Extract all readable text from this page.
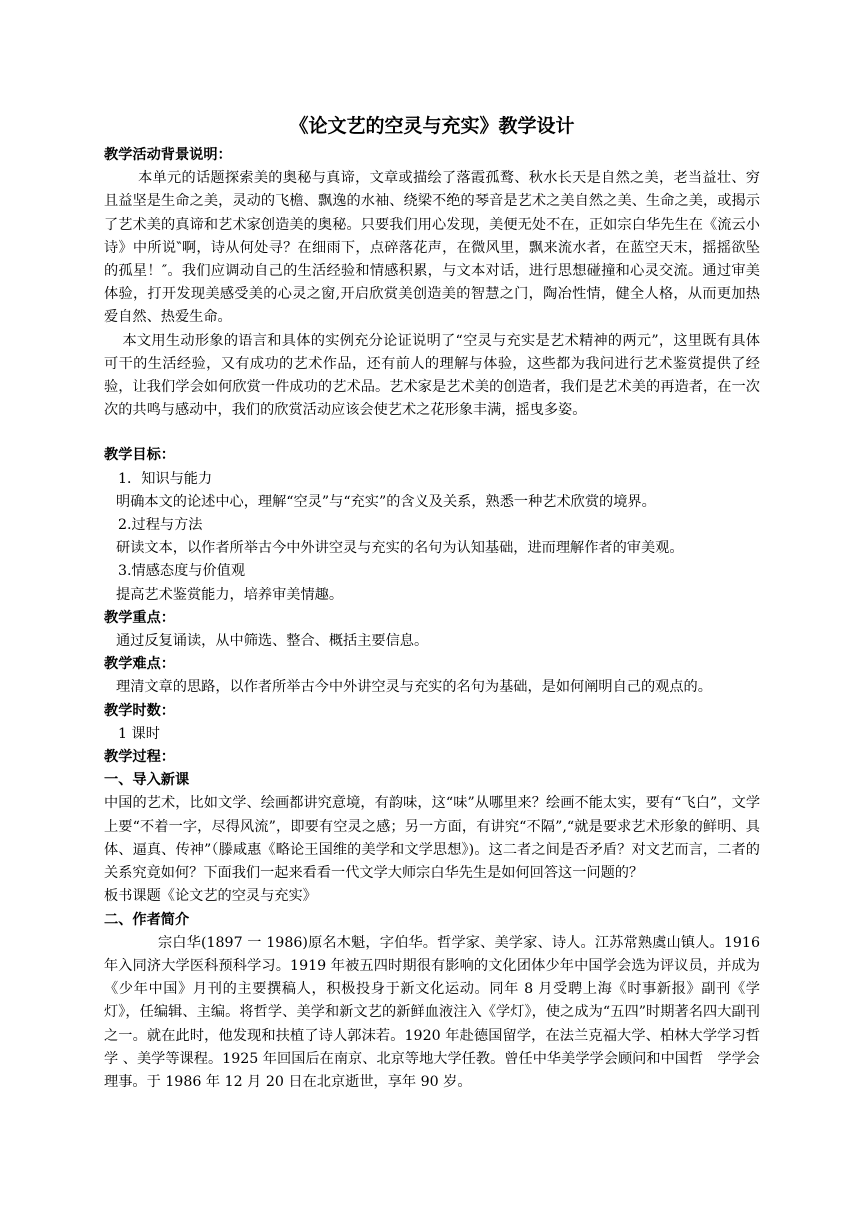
《论文艺的空灵与充实》教学设计

教学活动背景说明：

本单元的话题探索美的奥秘与真谛，文章或描绘了落霞孤鹜、秋水长天是自然之美，老当益壮、穷且益坚是生命之美，灵动的飞檐、飘逸的水袖、绕梁不绝的琴音是艺术之美自然之美、生命之美，或揭示了艺术美的真谛和艺术家创造美的奥秘。只要我们用心发现，美便无处不在，正如宗白华先生在《流云小诗》中所说‶啊，诗从何处寻？在细雨下，点碎落花声，在微风里，飘来流水者，在蓝空天末，摇摇欲坠的孤星！″。我们应调动自己的生活经验和情感积累，与文本对话，进行思想碰撞和心灵交流。通过审美体验，打开发现美感受美的心灵之窗,开启欣赏美创造美的智慧之门，陶冶性情，健全人格，从而更加热爱自然、热爱生命。

本文用生动形象的语言和具体的实例充分论证说明了“空灵与充实是艺术精神的两元”，这里既有具体可干的生活经验，又有成功的艺术作品，还有前人的理解与体验，这些都为我问进行艺术鉴赏提供了经验，让我们学会如何欣赏一件成功的艺术品。艺术家是艺术美的创造者，我们是艺术美的再造者，在一次次的共鸣与感动中，我们的欣赏活动应该会使艺术之花形象丰满，摇曳多姿。

教学目标：

1．知识与能力

明确本文的论述中心，理解“空灵”与“充实”的含义及关系，熟悉一种艺术欣赏的境界。

2.过程与方法

研读文本，以作者所举古今中外讲空灵与充实的名句为认知基础，进而理解作者的审美观。

3.情感态度与价值观

提高艺术鉴赏能力，培养审美情趣。

教学重点：

通过反复诵读，从中筛选、整合、概括主要信息。

教学难点：

理清文章的思路，以作者所举古今中外讲空灵与充实的名句为基础，是如何阐明自己的观点的。

教学时数：

1 课时

教学过程：

一、导入新课

中国的艺术，比如文学、绘画都讲究意境，有韵味，这“味”从哪里来？绘画不能太实，要有“飞白”，文学上要“不着一字，尽得风流”，即要有空灵之感；另一方面，有讲究“不隔”,“就是要求艺术形象的鲜明、具体、逼真、传神”（滕咸惠《略论王国维的美学和文学思想》)。这二者之间是否矛盾？对文艺而言，二者的关系究竟如何？下面我们一起来看看一代文学大师宗白华先生是如何回答这一问题的？

板书课题《论文艺的空灵与充实》

二、作者简介

宗白华(1897 一 1986)原名木魁，字伯华。哲学家、美学家、诗人。江苏常熟虞山镇人。1916年入同济大学医科预科学习。1919 年被五四时期很有影响的文化团体少年中国学会选为评议员，并成为《少年中国》月刊的主要撰稿人，积极投身于新文化运动。同年 8 月受聘上海《时事新报》副刊《学灯》，任编辑、主编。将哲学、美学和新文艺的新鲜血液注入《学灯》，使之成为“五四”时期著名四大副刊之一。就在此时，他发现和扶植了诗人郭沫若。1920 年赴德国留学，在法兰克福大学、柏林大学学习哲学 、美学等课程。1925 年回国后在南京、北京等地大学任教。曾任中华美学学会顾问和中国哲　学学会理事。于 1986 年 12 月 20 日在北京逝世，享年 90 岁。
